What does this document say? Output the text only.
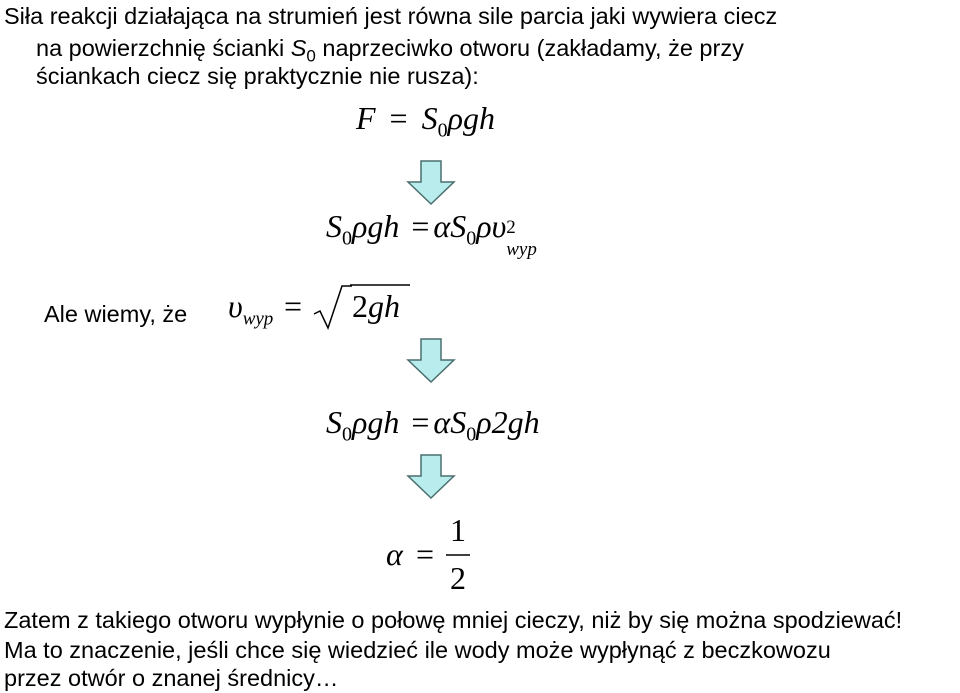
Siła reakcji działająca na strumień jest równa sile parcia jaki wywiera ciecz
na powierzchnię ścianki $S_0$ naprzeciwko otworu (zakładamy, że przy
ściankach ciecz się praktycznie nie rusza):
$F = S_0\rho gh$
$S_0\rho gh = \alpha S_0\rho\upsilon$ 2
wyp
Ale wiemy, że $\upsilon_{wyp} = 2gh$
$S_0\rho gh = \alpha S_0\rho 2gh$
α =
1
2
Zatem z takiego otworu wypłynie o połowę mniej cieczy, niż by się można spodziewać!
Ma to znaczenie, jeśli chce się wiedzieć ile wody może wypłynąć z beczkowozu
przez otwór o znanej średnicy…
